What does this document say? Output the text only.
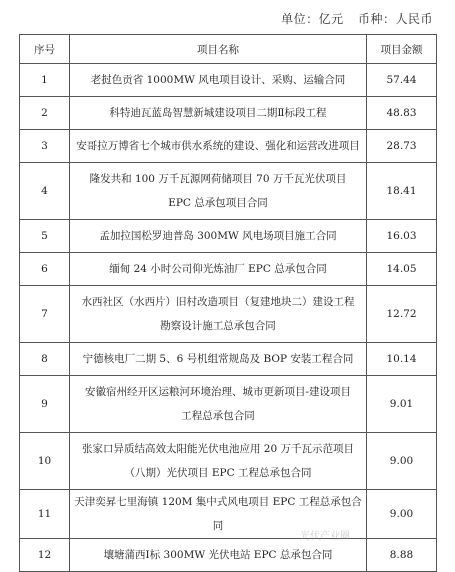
单位：亿元 币种：人民币
序号	项目名称	项目金额
1	老挝色贡省 1000MW 风电项目设计、采购、运输合同	57.44
2	科特迪瓦蓝岛智慧新城建设项目二期Ⅱ标段工程	48.83
3	安哥拉万博省七个城市供水系统的建设、强化和运营改进项目	28.73
4	隆发共和 100 万千瓦源网荷储项目 70 万千瓦光伏项目
EPC 总承包项目合同	18.41
5	孟加拉国松罗迪普岛 300MW 风电场项目施工合同	16.03
6	缅甸 24 小时公司仰光炼油厂 EPC 总承包合同	14.05
7	水西社区（水西片）旧村改造项目（复建地块二）建设工程
勘察设计施工总承包合同	12.72
8	宁德核电厂二期 5、6 号机组常规岛及 BOP 安装工程合同	10.14
9	安徽宿州经开区运粮河环境治理、城市更新项目-建设项目
工程总承包合同	9.01
10	张家口异质结高效太阳能光伏电池应用 20 万千瓦示范项目
（八期）光伏项目 EPC 工程总承包合同	9.00
11	天津奕昇七里海镇 120M 集中式风电项目 EPC 工程总承包合同	9.00
12	壤塘蒲西Ⅰ标 300MW 光伏电站 EPC 总承包合同	8.88
光伏产业圈
